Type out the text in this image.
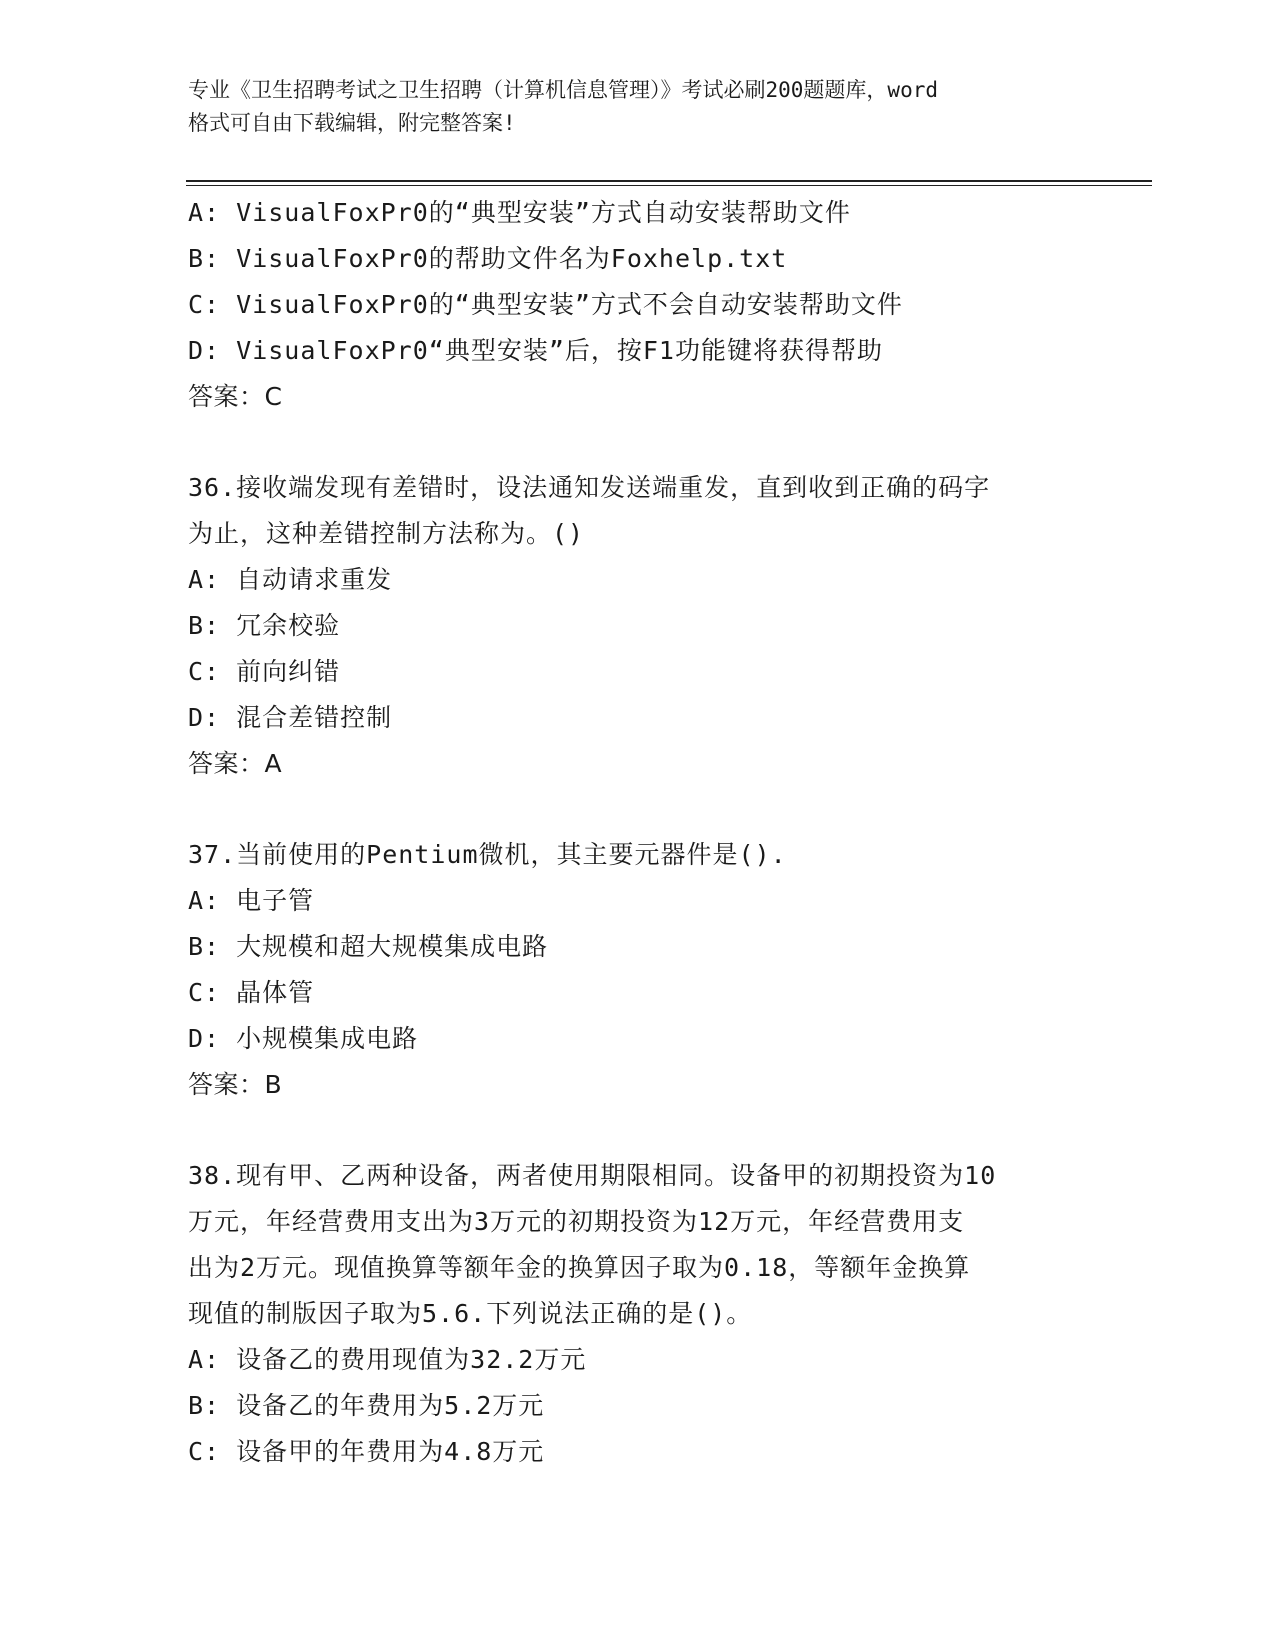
专业《卫生招聘考试之卫生招聘（计算机信息管理）》考试必刷200题题库，word
格式可自由下载编辑，附完整答案!
A: VisualFoxPr0的“典型安装”方式自动安装帮助文件
B: VisualFoxPr0的帮助文件名为Foxhelp.txt
C: VisualFoxPr0的“典型安装”方式不会自动安装帮助文件
D: VisualFoxPr0“典型安装”后，按F1功能键将获得帮助
答案：C
36.接收端发现有差错时，设法通知发送端重发，直到收到正确的码字
为止，这种差错控制方法称为。()
A: 自动请求重发
B: 冗余校验
C: 前向纠错
D: 混合差错控制
答案：A
37.当前使用的Pentium微机，其主要元器件是().
A: 电子管
B: 大规模和超大规模集成电路
C: 晶体管
D: 小规模集成电路
答案：B
38.现有甲、乙两种设备，两者使用期限相同。设备甲的初期投资为10
万元，年经营费用支出为3万元的初期投资为12万元，年经营费用支
出为2万元。现值换算等额年金的换算因子取为0.18，等额年金换算
现值的制版因子取为5.6.下列说法正确的是()。
A: 设备乙的费用现值为32.2万元
B: 设备乙的年费用为5.2万元
C: 设备甲的年费用为4.8万元
